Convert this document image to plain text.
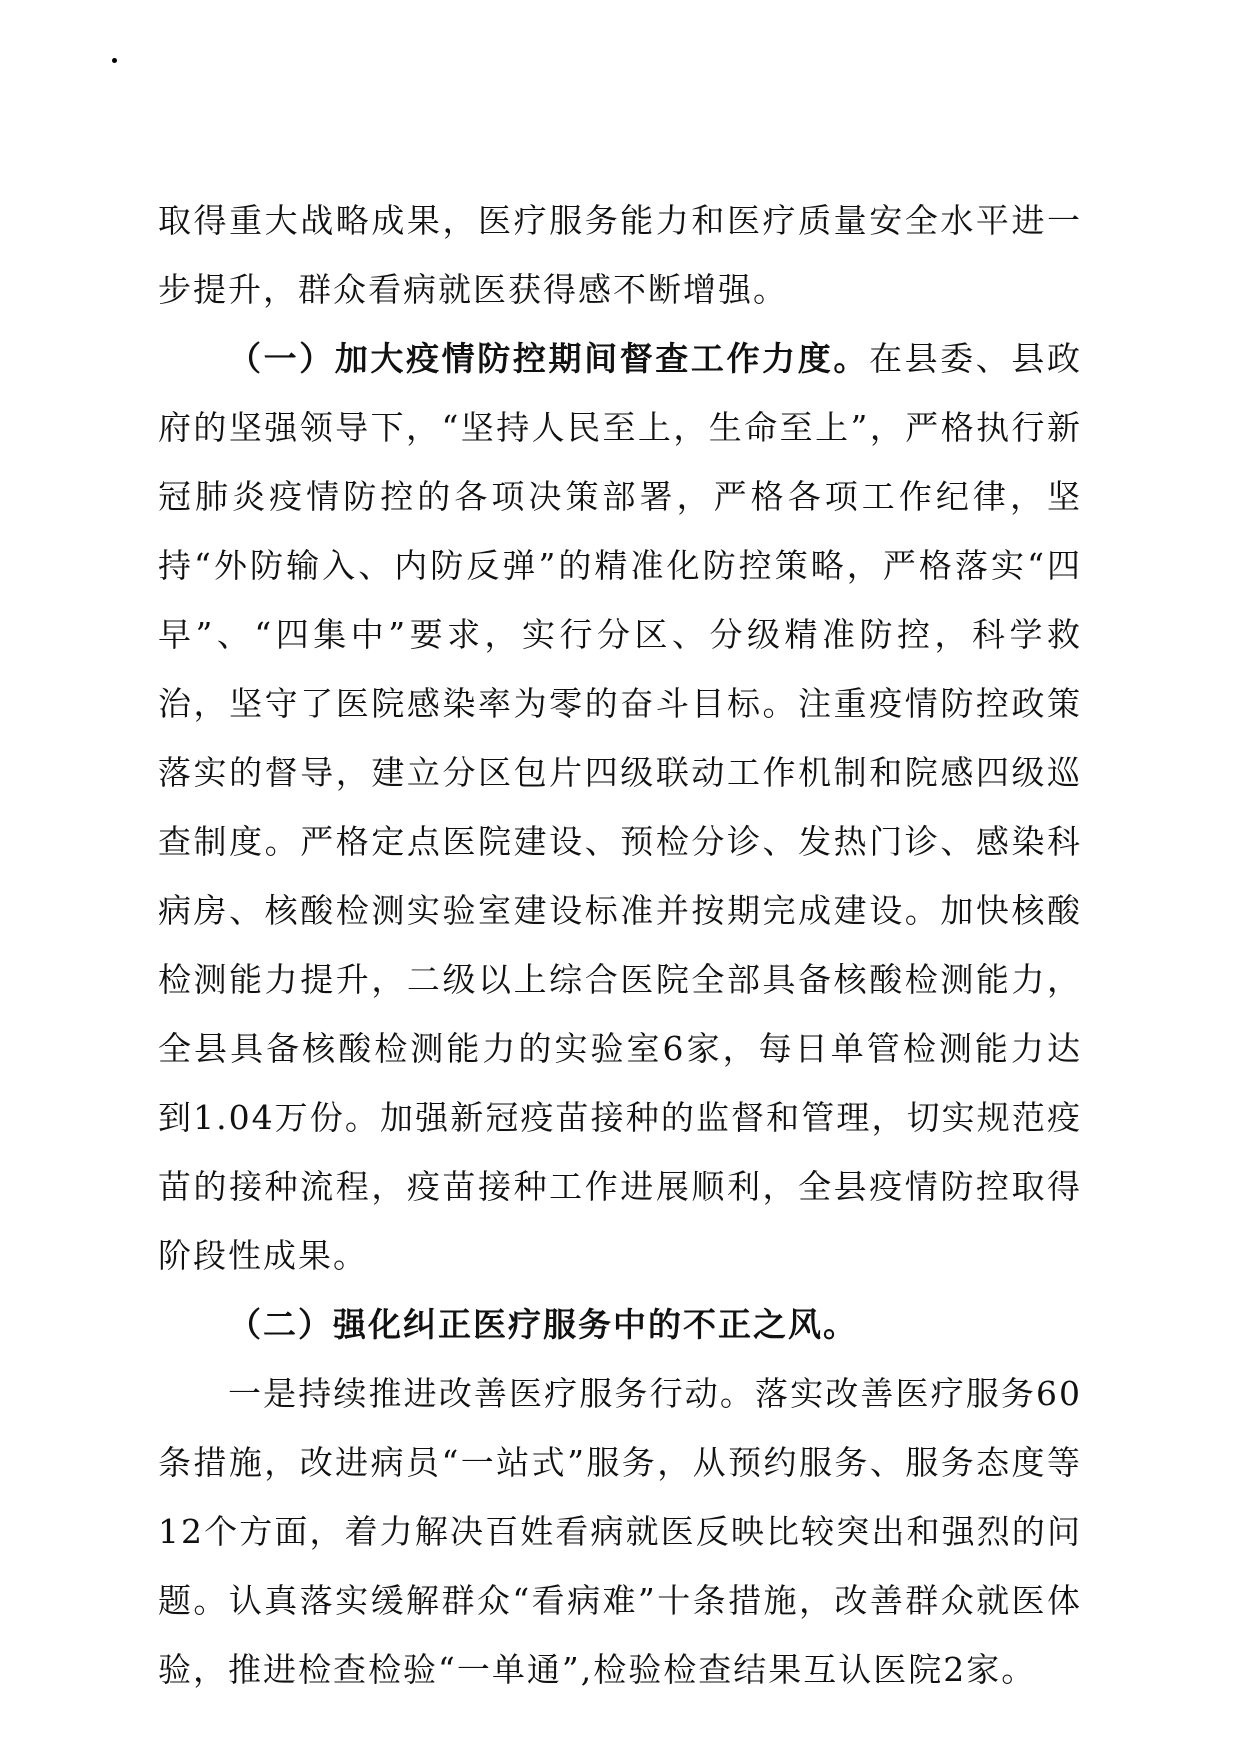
取得重大战略成果，医疗服务能力和医疗质量安全水平进一步提升，群众看病就医获得感不断增强。

（一）加大疫情防控期间督查工作力度。在县委、县政府的坚强领导下，“坚持人民至上，生命至上”，严格执行新冠肺炎疫情防控的各项决策部署，严格各项工作纪律，坚持“外防输入、内防反弹”的精准化防控策略，严格落实“四早”、“四集中”要求，实行分区、分级精准防控，科学救治，坚守了医院感染率为零的奋斗目标。注重疫情防控政策落实的督导，建立分区包片四级联动工作机制和院感四级巡查制度。严格定点医院建设、预检分诊、发热门诊、感染科病房、核酸检测实验室建设标准并按期完成建设。加快核酸检测能力提升，二级以上综合医院全部具备核酸检测能力，全县具备核酸检测能力的实验室6家，每日单管检测能力达到1.04万份。加强新冠疫苗接种的监督和管理，切实规范疫苗的接种流程，疫苗接种工作进展顺利，全县疫情防控取得阶段性成果。

（二）强化纠正医疗服务中的不正之风。

一是持续推进改善医疗服务行动。落实改善医疗服务60条措施，改进病员“一站式”服务，从预约服务、服务态度等12个方面，着力解决百姓看病就医反映比较突出和强烈的问题。认真落实缓解群众“看病难”十条措施，改善群众就医体验，推进检查检验“一单通”,检验检查结果互认医院2家。
